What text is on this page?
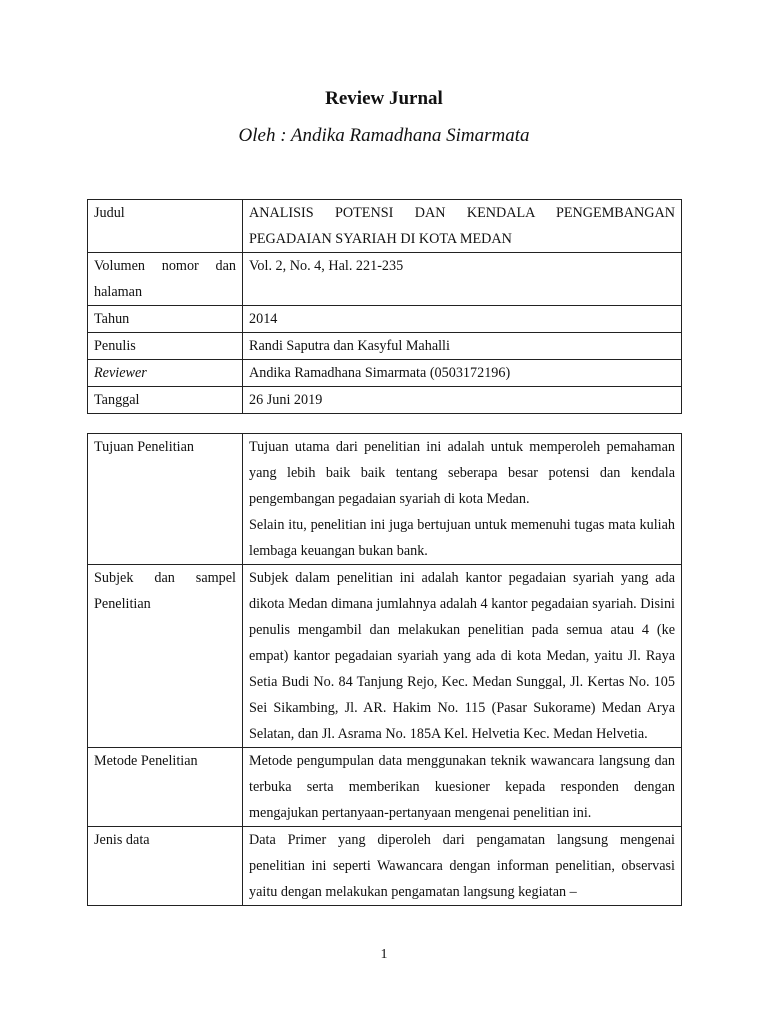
Review Jurnal
Oleh : Andika Ramadhana Simarmata
Judul	ANALISIS POTENSI DAN KENDALA PENGEMBANGAN PEGADAIAN SYARIAH DI KOTA MEDAN
Volumen nomor dan halaman	Vol. 2, No. 4, Hal. 221-235
Tahun	2014
Penulis	Randi Saputra dan Kasyful Mahalli
Reviewer	Andika Ramadhana Simarmata (0503172196)
Tanggal	26 Juni 2019
Tujuan Penelitian	Tujuan utama dari penelitian ini adalah untuk memperoleh pemahaman yang lebih baik baik tentang seberapa besar potensi dan kendala pengembangan pegadaian syariah di kota Medan.

Selain itu, penelitian ini juga bertujuan untuk memenuhi tugas mata kuliah lembaga keuangan bukan bank.

Subjek dan sampel Penelitian	Subjek dalam penelitian ini adalah kantor pegadaian syariah yang ada dikota Medan dimana jumlahnya adalah 4 kantor pegadaian syariah. Disini penulis mengambil dan melakukan penelitian pada semua atau 4 (ke empat) kantor pegadaian syariah yang ada di kota Medan, yaitu Jl. Raya Setia Budi No. 84 Tanjung Rejo, Kec. Medan Sunggal, Jl. Kertas No. 105 Sei Sikambing, Jl. AR. Hakim No. 115 (Pasar Sukorame) Medan Arya Selatan, dan Jl. Asrama No. 185A Kel. Helvetia Kec. Medan Helvetia.

Metode Penelitian	Metode pengumpulan data menggunakan teknik wawancara langsung dan terbuka serta memberikan kuesioner kepada responden dengan mengajukan pertanyaan-pertanyaan mengenai penelitian ini.

Jenis data	Data Primer yang diperoleh dari pengamatan langsung mengenai penelitian ini seperti Wawancara dengan informan penelitian, observasi yaitu dengan melakukan pengamatan langsung kegiatan –

1
